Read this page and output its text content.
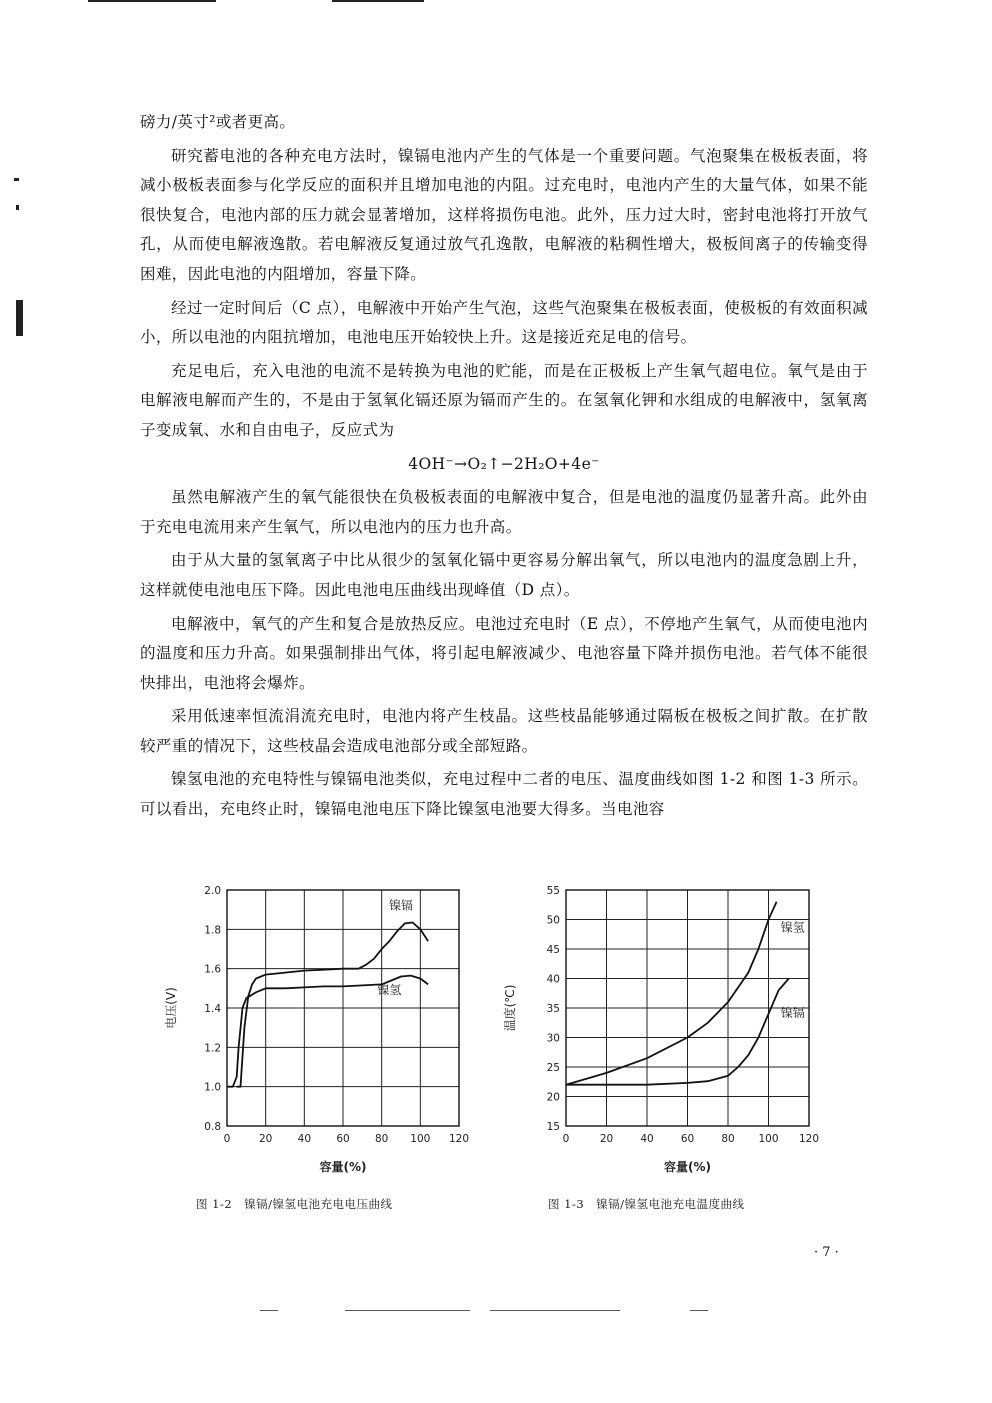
磅力/英寸²或者更高。

研究蓄电池的各种充电方法时，镍镉电池内产生的气体是一个重要问题。气泡聚集在极板表面，将减小极板表面参与化学反应的面积并且增加电池的内阻。过充电时，电池内产生的大量气体，如果不能很快复合，电池内部的压力就会显著增加，这样将损伤电池。此外，压力过大时，密封电池将打开放气孔，从而使电解液逸散。若电解液反复通过放气孔逸散，电解液的粘稠性增大，极板间离子的传输变得困难，因此电池的内阻增加，容量下降。

经过一定时间后（C 点），电解液中开始产生气泡，这些气泡聚集在极板表面，使极板的有效面积减小，所以电池的内阻抗增加，电池电压开始较快上升。这是接近充足电的信号。

充足电后，充入电池的电流不是转换为电池的贮能，而是在正极板上产生氧气超电位。氧气是由于电解液电解而产生的，不是由于氢氧化镉还原为镉而产生的。在氢氧化钾和水组成的电解液中，氢氧离子变成氧、水和自由电子，反应式为

4OH⁻→O₂↑−2H₂O+4e⁻

虽然电解液产生的氧气能很快在负极板表面的电解液中复合，但是电池的温度仍显著升高。此外由于充电电流用来产生氧气，所以电池内的压力也升高。

由于从大量的氢氧离子中比从很少的氢氧化镉中更容易分解出氧气，所以电池内的温度急剧上升，这样就使电池电压下降。因此电池电压曲线出现峰值（D 点）。

电解液中，氧气的产生和复合是放热反应。电池过充电时（E 点），不停地产生氧气，从而使电池内的温度和压力升高。如果强制排出气体，将引起电解液减少、电池容量下降并损伤电池。若气体不能很快排出，电池将会爆炸。

采用低速率恒流涓流充电时，电池内将产生枝晶。这些枝晶能够通过隔板在极板之间扩散。在扩散较严重的情况下，这些枝晶会造成电池部分或全部短路。

镍氢电池的充电特性与镍镉电池类似，充电过程中二者的电压、温度曲线如图 1-2 和图 1-3 所示。可以看出，充电终止时，镍镉电池电压下降比镍氢电池要大得多。当电池容

0	20 40 60 80 100 120
0.8
1.0
1.2
1.4
1.6
1.8
2.0
镍镉
镍氢
容量(%)
电压(V)
图 1-2　镍镉/镍氢电池充电电压曲线
0	20	40	60	80 100 120
15
20
25
30
35
40
45
50
55
镍氢
镍镉
容量(%)
温度(℃)
图 1-3　镍镉/镍氢电池充电温度曲线
· 7 ·
